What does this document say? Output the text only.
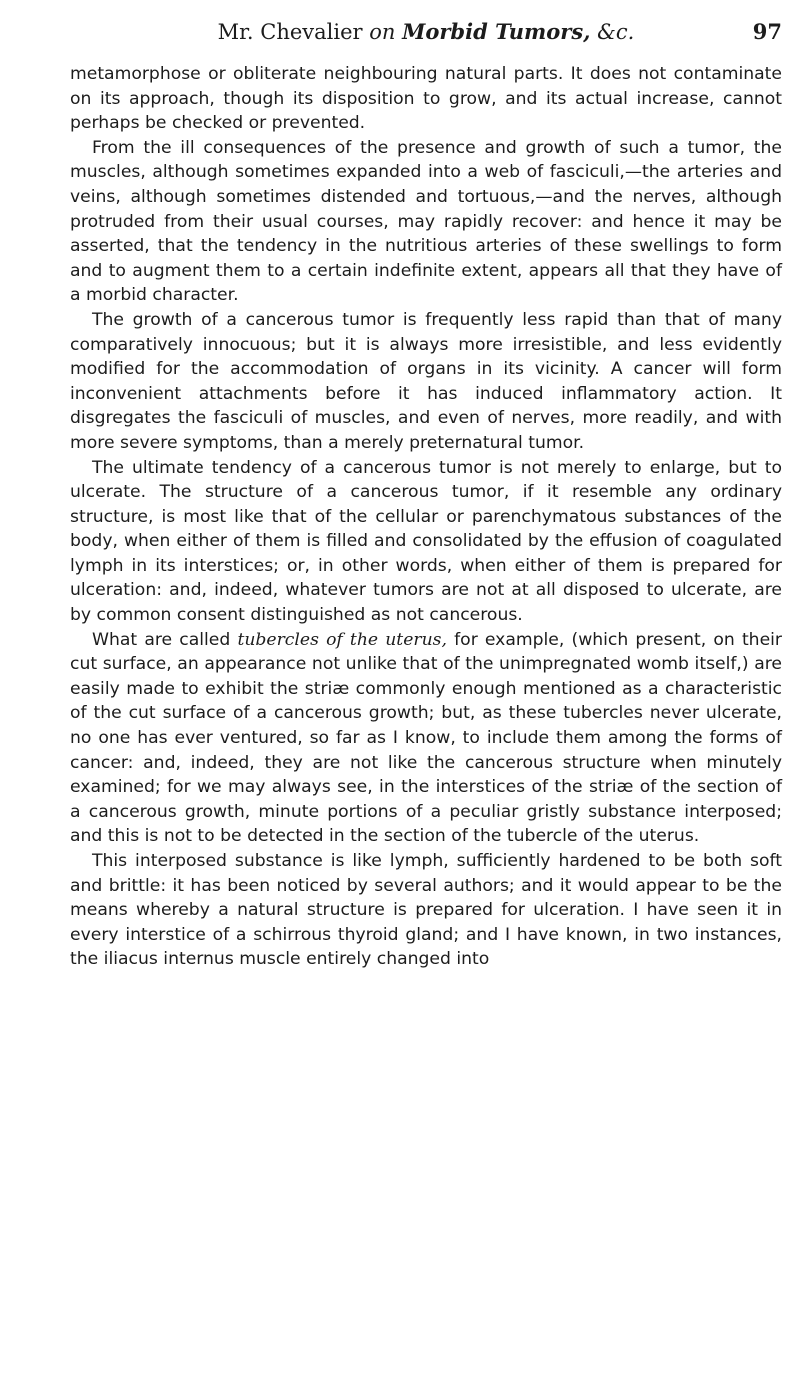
Mr. Chevalier on Morbid Tumors, &c.	97

metamorphose or obliterate neighbouring natural parts. It does not contaminate on its approach, though its disposition to grow, and its actual increase, cannot perhaps be checked or prevented.

From the ill consequences of the presence and growth of such a tumor, the muscles, although sometimes expanded into a web of fasciculi,—the arteries and veins, although sometimes distended and tortuous,—and the nerves, although protruded from their usual courses, may rapidly recover: and hence it may be asserted, that the tendency in the nutritious arteries of these swellings to form and to augment them to a certain indefinite extent, appears all that they have of a morbid character.

The growth of a cancerous tumor is frequently less rapid than that of many comparatively innocuous; but it is always more irresistible, and less evidently modified for the accommodation of organs in its vicinity. A cancer will form inconvenient attachments before it has induced inflammatory action. It disgregates the fasciculi of muscles, and even of nerves, more readily, and with more severe symptoms, than a merely preternatural tumor.

The ultimate tendency of a cancerous tumor is not merely to enlarge, but to ulcerate. The structure of a cancerous tumor, if it resemble any ordinary structure, is most like that of the cellular or parenchymatous substances of the body, when either of them is filled and consolidated by the effusion of coagulated lymph in its interstices; or, in other words, when either of them is prepared for ulceration: and, indeed, whatever tumors are not at all disposed to ulcerate, are by common consent distinguished as not cancerous.

What are called tubercles of the uterus, for example, (which present, on their cut surface, an appearance not unlike that of the unimpregnated womb itself,) are easily made to exhibit the striæ commonly enough mentioned as a characteristic of the cut surface of a cancerous growth; but, as these tubercles never ulcerate, no one has ever ventured, so far as I know, to include them among the forms of cancer: and, indeed, they are not like the cancerous structure when minutely examined; for we may always see, in the interstices of the striæ of the section of a cancerous growth, minute portions of a peculiar gristly substance interposed; and this is not to be detected in the section of the tubercle of the uterus.

This interposed substance is like lymph, sufficiently hardened to be both soft and brittle: it has been noticed by several authors; and it would appear to be the means whereby a natural structure is prepared for ulceration. I have seen it in every interstice of a schirrous thyroid gland; and I have known, in two instances, the iliacus internus muscle entirely changed into
